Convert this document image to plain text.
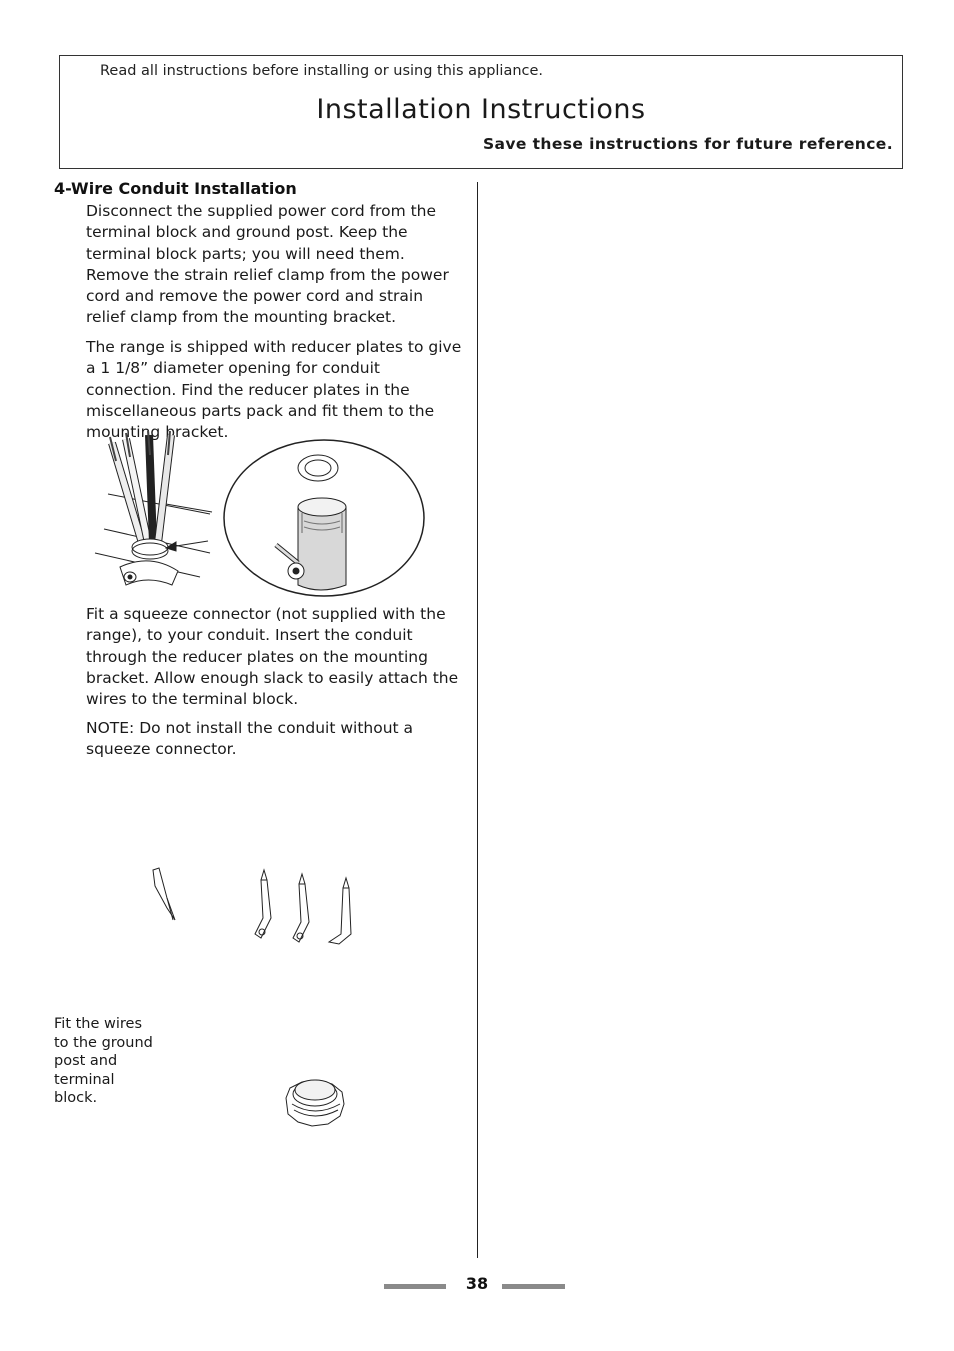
Read all instructions before installing or using this appliance.
Installation Instructions
Save these instructions for future reference.
4-Wire Conduit Installation
Disconnect the supplied power cord from the terminal block and ground post. Keep the terminal block parts; you will need them. Remove the strain relief clamp from the power cord and remove the power cord and strain relief clamp from the mounting bracket.
The range is shipped with reducer plates to give a 1 1/8” diameter opening for conduit connection. Find the reducer plates in the miscellaneous parts pack and fit them to the mounting bracket.
Fit a squeeze connector (not supplied with the range), to your conduit. Insert the conduit through the reducer plates on the mounting bracket. Allow enough slack to easily attach the wires to the terminal block.
NOTE: Do not install the conduit without a squeeze connector.
Fit the wires to the ground post and terminal block.
38
